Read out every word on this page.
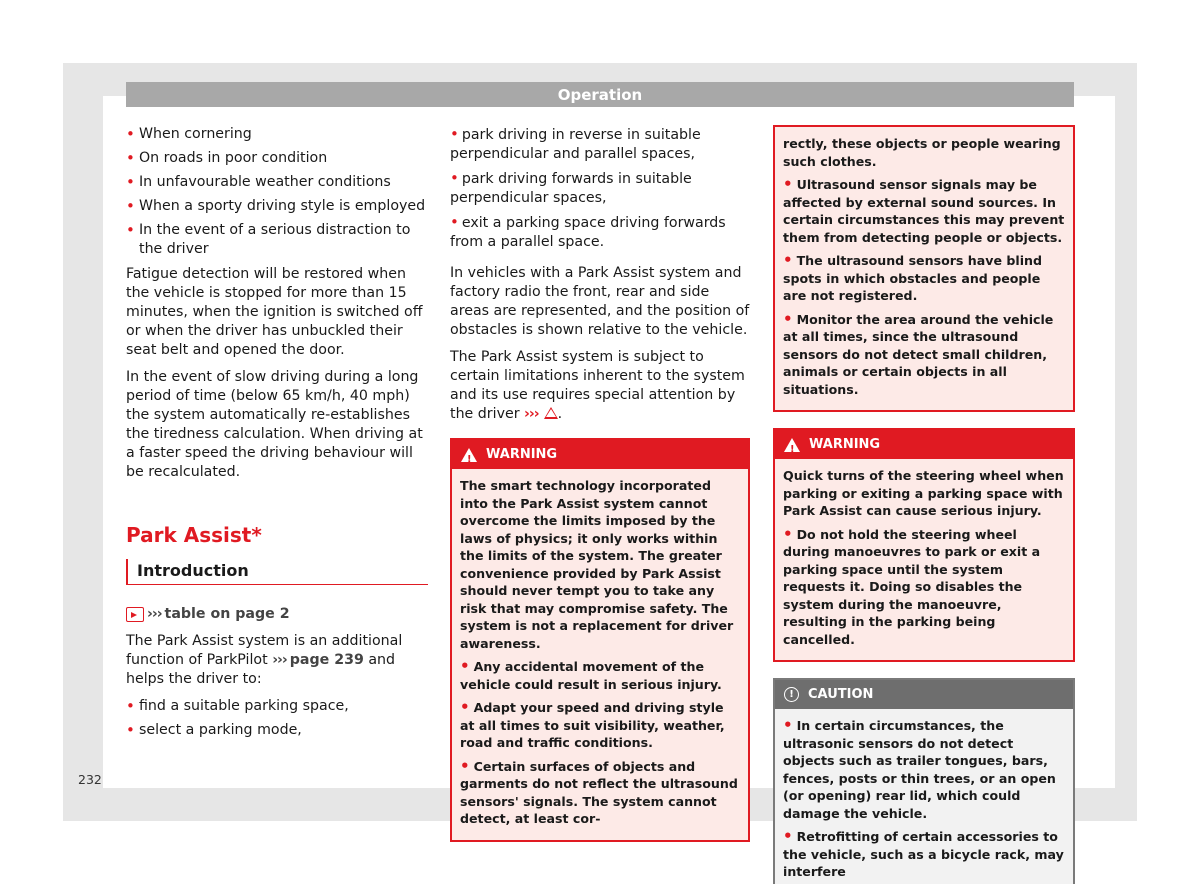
Operation
• When cornering
• On roads in poor condition
• In unfavourable weather conditions
• When a sporty driving style is employed
• In the event of a serious distraction to the driver

Fatigue detection will be restored when the vehicle is stopped for more than 15 minutes, when the ignition is switched off or when the driver has unbuckled their seat belt and opened the door.

In the event of slow driving during a long period of time (below 65 km/h, 40 mph) the system automatically re-establishes the tiredness calculation. When driving at a faster speed the driving behaviour will be recalculated.

Park Assist*
Introduction
››› table on page 2

The Park Assist system is an additional function of ParkPilot ››› page 239 and helps the driver to:

• find a suitable parking space,
• select a parking mode,
• park driving in reverse in suitable perpendicular and parallel spaces,
• park driving forwards in suitable perpendicular spaces,
• exit a parking space driving forwards from a parallel space.

In vehicles with a Park Assist system and factory radio the front, rear and side areas are represented, and the position of obstacles is shown relative to the vehicle.

The Park Assist system is subject to certain limitations inherent to the system and its use requires special attention by the driver ››› .

!
WARNING

The smart technology incorporated into the Park Assist system cannot overcome the limits imposed by the laws of physics; it only works within the limits of the system. The greater convenience provided by Park Assist should never tempt you to take any risk that may compromise safety. The system is not a replacement for driver awareness.

• Any accidental movement of the vehicle could result in serious injury.
• Adapt your speed and driving style at all times to suit visibility, weather, road and traffic conditions.
• Certain surfaces of objects and garments do not reflect the ultrasound sensors' signals. The system cannot detect, at least cor-

rectly, these objects or people wearing such clothes.

• Ultrasound sensor signals may be affected by external sound sources. In certain circumstances this may prevent them from detecting people or objects.
• The ultrasound sensors have blind spots in which obstacles and people are not registered.
• Monitor the area around the vehicle at all times, since the ultrasound sensors do not detect small children, animals or certain objects in all situations.
!
WARNING

Quick turns of the steering wheel when parking or exiting a parking space with Park Assist can cause serious injury.

• Do not hold the steering wheel during manoeuvres to park or exit a parking space until the system requests it. Doing so disables the system during the manoeuvre, resulting in the parking being cancelled.
!	CAUTION
• In certain circumstances, the ultrasonic sensors do not detect objects such as trailer tongues, bars, fences, posts or thin trees, or an open (or opening) rear lid, which could damage the vehicle.
• Retrofitting of certain accessories to the vehicle, such as a bicycle rack, may interfere
232
